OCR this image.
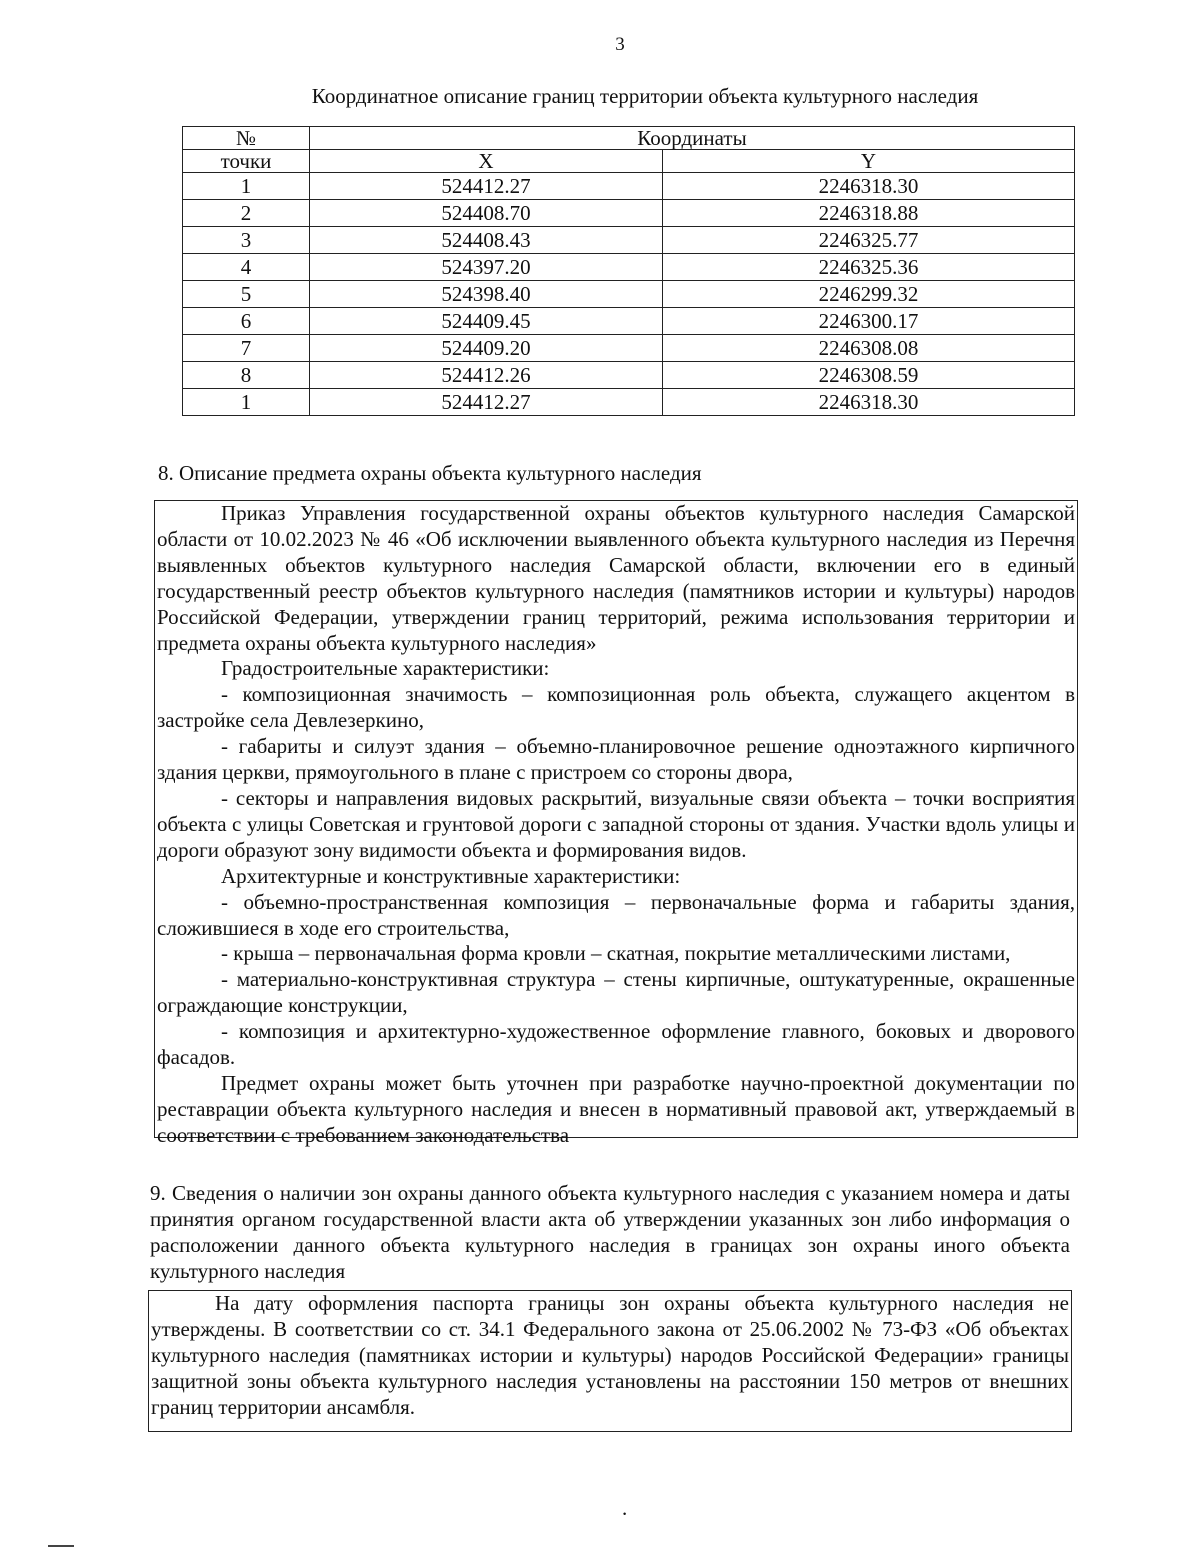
3
Координатное описание границ территории объекта культурного наследия
№	Координаты	
точки	X	Y
1	524412.27	2246318.30
2	524408.70	2246318.88
3	524408.43	2246325.77
4	524397.20	2246325.36
5	524398.40	2246299.32
6	524409.45	2246300.17
7	524409.20	2246308.08
8	524412.26	2246308.59
1	524412.27	2246318.30
8. Описание предмета охраны объекта культурного наследия

Приказ Управления государственной охраны объектов культурного наследия Самарской области от 10.02.2023 № 46 «Об исключении выявленного объекта культурного наследия из Перечня выявленных объектов культурного наследия Самарской области, включении его в единый государственный реестр объектов культурного наследия (памятников истории и культуры) народов Российской Федерации, утверждении границ территорий, режима использования территории и предмета охраны объекта культурного наследия»

Градостроительные характеристики:

- композиционная значимость – композиционная роль объекта, служащего акцентом в застройке села Девлезеркино,

- габариты и силуэт здания – объемно-планировочное решение одноэтажного кирпичного здания церкви, прямоугольного в плане с пристроем со стороны двора,

- секторы и направления видовых раскрытий, визуальные связи объекта – точки восприятия объекта с улицы Советская и грунтовой дороги с западной стороны от здания. Участки вдоль улицы и дороги образуют зону видимости объекта и формирования видов.

Архитектурные и конструктивные характеристики:

- объемно-пространственная композиция – первоначальные форма и габариты здания, сложившиеся в ходе его строительства,

- крыша – первоначальная форма кровли – скатная, покрытие металлическими листами,

- материально-конструктивная структура – стены кирпичные, оштукатуренные, окрашенные ограждающие конструкции,

- композиция и архитектурно-художественное оформление главного, боковых и дворового фасадов.

Предмет охраны может быть уточнен при разработке научно-проектной документации по реставрации объекта культурного наследия и внесен в нормативный правовой акт, утверждаемый в соответствии с требованием законодательства

9. Сведения о наличии зон охраны данного объекта культурного наследия с указанием номера и даты принятия органом государственной власти акта об утверждении указанных зон либо информация о расположении данного объекта культурного наследия в границах зон охраны иного объекта культурного наследия

На дату оформления паспорта границы зон охраны объекта культурного наследия не утверждены. В соответствии со ст. 34.1 Федерального закона от 25.06.2002 № 73-ФЗ «Об объектах культурного наследия (памятниках истории и культуры) народов Российской Федерации» границы защитной зоны объекта культурного наследия установлены на расстоянии 150 метров от внешних границ территории ансамбля.

.
